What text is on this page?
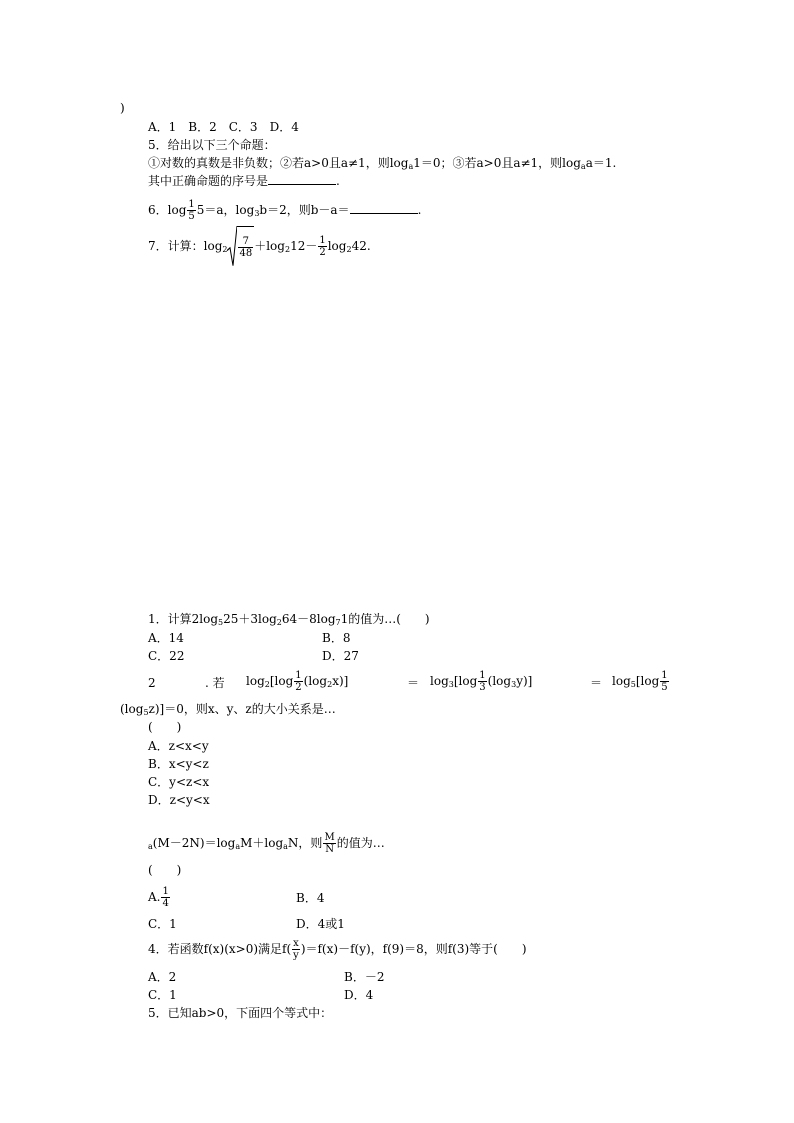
)
A．1　B．2　C．3　D．4
5．给出以下三个命题：
①对数的真数是非负数；②若a>0且a≠1，则$\log_a1=0$；③若a>0且a≠1，则$\log_aa=1$.
其中正确命题的序号是	.
6．$\log \frac{1}{5} 5=a$，$\log_3b=2$，则b－a＝	.
7．计算：$\log_2 \frac{7}{48} +\log_212- \frac{1}{2} \log_242$.
1．计算$2\log_525+3\log_264-8\log_71$的值为…(　　)
A．14	B．8
C．22	D．27
2	. 若 $\log_2[\log \frac{1}{2} (\log_2x)]$	＝ $\log_3[\log \frac{1}{3} (\log_3y)]$	＝ $\log_5[\log \frac{1}{5}$
$(\log_5z)]=0$，则x、y、z的大小关系是…
(　　)
A．z<x<y
B．x<y<z
C．y<z<x
D．z<y<x
$_a(M-2N)=\log_aM+\log_aN$，则 $\frac{M}{N}$ 的值为…
(　　)
A. $\frac{1}{4}$	B．4
C．1	D．4或1
4．若函数f(x)(x>0)满足$f( \frac{x}{y} )=f(x)-f(y)$，f(9)＝8，则f(3)等于(　　)
A．2	B．－2
C．1	D．4
5．已知ab>0，下面四个等式中：
